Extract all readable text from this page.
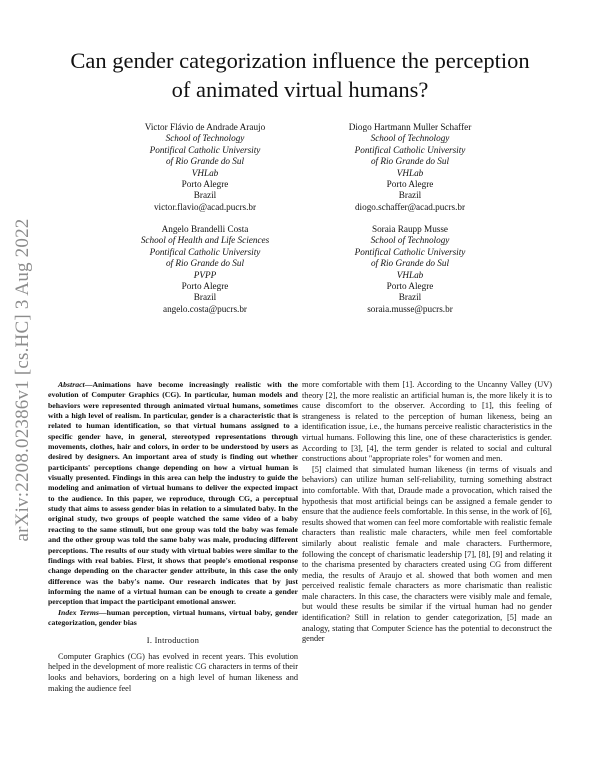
arXiv:2208.02386v1 [cs.HC] 3 Aug 2022
Can gender categorization influence the perception
of animated virtual humans?
Victor Flávio de Andrade Araujo
School of Technology
Pontifical Catholic University
of Rio Grande do Sul
VHLab
Porto Alegre
Brazil
victor.flavio@acad.pucrs.br
Diogo Hartmann Muller Schaffer
School of Technology
Pontifical Catholic University
of Rio Grande do Sul
VHLab
Porto Alegre
Brazil
diogo.schaffer@acad.pucrs.br
Angelo Brandelli Costa
School of Health and Life Sciences
Pontifical Catholic University
of Rio Grande do Sul
PVPP
Porto Alegre
Brazil
angelo.costa@pucrs.br
Soraia Raupp Musse
School of Technology
Pontifical Catholic University
of Rio Grande do Sul
VHLab
Porto Alegre
Brazil
soraia.musse@pucrs.br

Abstract—Animations have become increasingly realistic with the evolution of Computer Graphics (CG). In particular, human models and behaviors were represented through animated virtual humans, sometimes with a high level of realism. In particular, gender is a characteristic that is related to human identification, so that virtual humans assigned to a specific gender have, in general, stereotyped representations through movements, clothes, hair and colors, in order to be understood by users as desired by designers. An important area of study is finding out whether participants' perceptions change depending on how a virtual human is visually presented. Findings in this area can help the industry to guide the modeling and animation of virtual humans to deliver the expected impact to the audience. In this paper, we reproduce, through CG, a perceptual study that aims to assess gender bias in relation to a simulated baby. In the original study, two groups of people watched the same video of a baby reacting to the same stimuli, but one group was told the baby was female and the other group was told the same baby was male, producing different perceptions. The results of our study with virtual babies were similar to the findings with real babies. First, it shows that people's emotional response change depending on the character gender attribute, in this case the only difference was the baby's name. Our research indicates that by just informing the name of a virtual human can be enough to create a gender perception that impact the participant emotional answer.

Index Terms—human perception, virtual humans, virtual baby, gender categorization, gender bias

I. Introduction

Computer Graphics (CG) has evolved in recent years. This evolution helped in the development of more realistic CG characters in terms of their looks and behaviors, bordering on a high level of human likeness and making the audience feel

more comfortable with them [1]. According to the Uncanny Valley (UV) theory [2], the more realistic an artificial human is, the more likely it is to cause discomfort to the observer. According to [1], this feeling of strangeness is related to the perception of human likeness, being an identification issue, i.e., the humans perceive realistic characteristics in the virtual humans. Following this line, one of these characteristics is gender. According to [3], [4], the term gender is related to social and cultural constructions about "appropriate roles" for women and men.

[5] claimed that simulated human likeness (in terms of visuals and behaviors) can utilize human self-reliability, turning something abstract into comfortable. With that, Draude made a provocation, which raised the hypothesis that most artificial beings can be assigned a female gender to ensure that the audience feels comfortable. In this sense, in the work of [6], results showed that women can feel more comfortable with realistic female characters than realistic male characters, while men feel comfortable similarly about realistic female and male characters. Furthermore, following the concept of charismatic leadership [7], [8], [9] and relating it to the charisma presented by characters created using CG from different media, the results of Araujo et al. showed that both women and men perceived realistic female characters as more charismatic than realistic male characters. In this case, the characters were visibly male and female, but would these results be similar if the virtual human had no gender identification? Still in relation to gender categorization, [5] made an analogy, stating that Computer Science has the potential to deconstruct the gender
